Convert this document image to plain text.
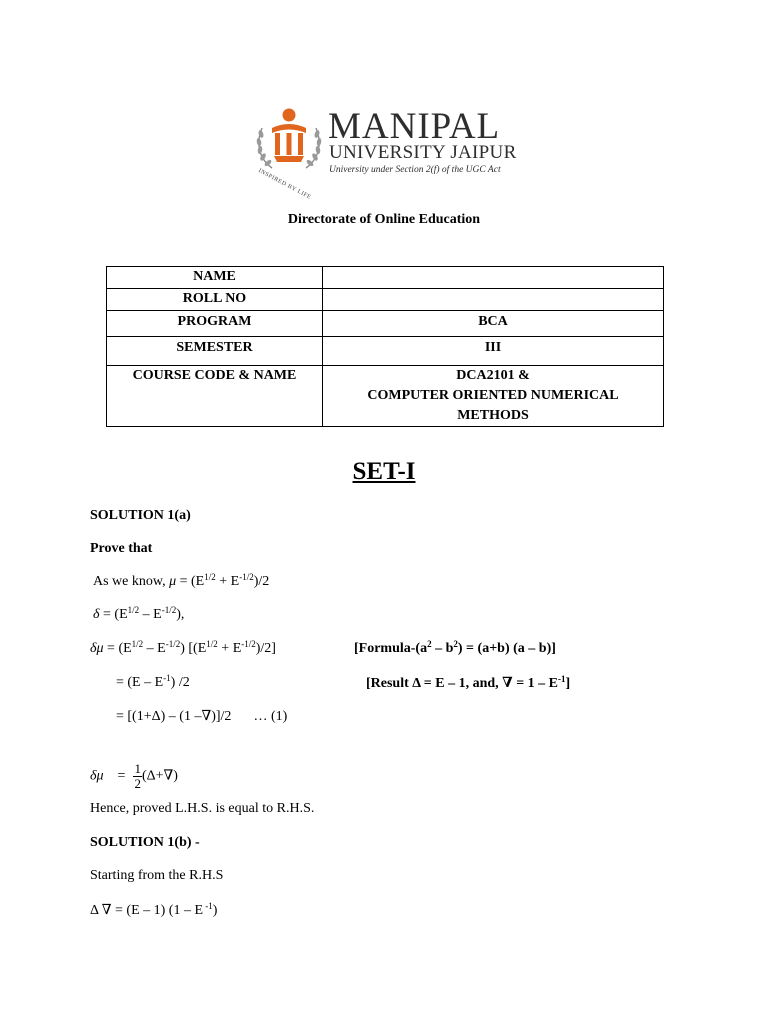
INSPIRED BY LIFE
MANIPAL
UNIVERSITY JAIPUR
University under Section 2(f) of the UGC Act
Directorate of Online Education
NAME	
ROLL NO	
PROGRAM	BCA
SEMESTER	III
COURSE CODE & NAME	DCA2101 &
COMPUTER ORIENTED NUMERICAL
METHODS
SET-I
SOLUTION 1(a)
Prove that
As we know, $\mu = (E^{1/2} + E^{-1/2})/2$
$\delta = (E^{1/2} - E^{-1/2})$,
$\delta\mu = (E^{1/2} - E^{-1/2}) [(E^{1/2} + E^{-1/2})/2]$	[$Formula-(a^2 - b^2) = (a+b)$ (a – b)]
= $(E - E^{-1})$ /2	[Result Δ = E – 1, and, ∇ = $1 - E^{-1}$]
= [(1+Δ) – (1 –∇)]/2 … (1)
$\delta\mu = \frac{1}{2} (\Delta+\nabla)$
Hence, proved L.H.S. is equal to R.H.S.
SOLUTION 1(b) -
Starting from the R.H.S
Δ ∇ = (E – 1) (1 – E $^{-1}$)
